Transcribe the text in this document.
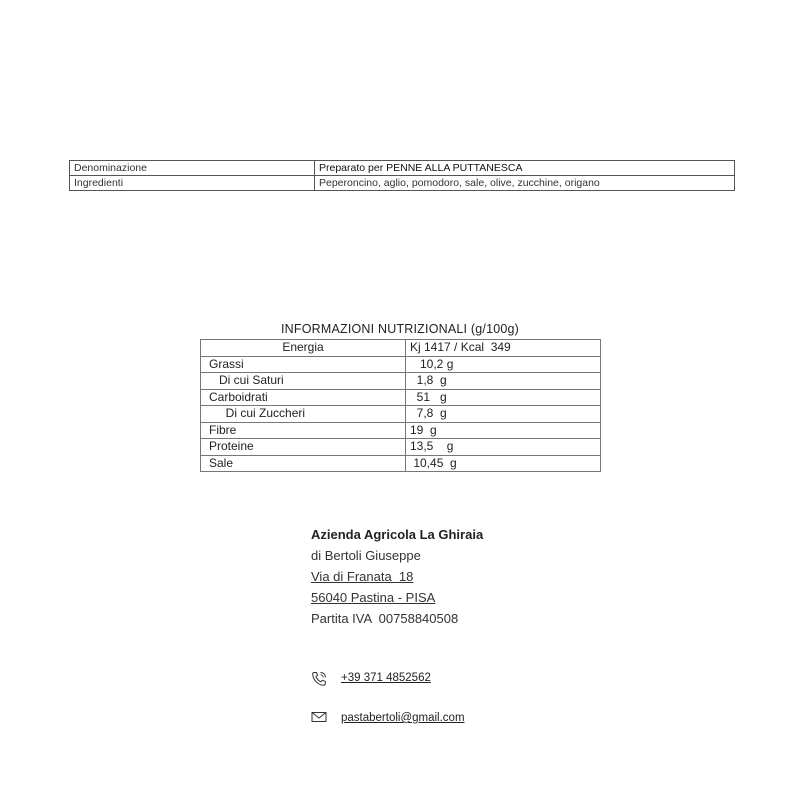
Denominazione	Preparato per PENNE ALLA PUTTANESCA
Ingredienti	Peperoncino, aglio, pomodoro, sale, olive, zucchine, origano
INFORMAZIONI NUTRIZIONALI (g/100g)
Energia	Kj 1417 / Kcal  349
Grassi	10,2 g
Di cui Saturi	1,8  g
Carboidrati	51   g
Di cui Zuccheri	7,8  g
Fibre	19  g
Proteine	13,5    g
Sale	10,45  g
Azienda Agricola La Ghiraia
di Bertoli Giuseppe
Via di Franata  18
56040 Pastina - PISA
Partita IVA  00758840508
+39 371 4852562
pastabertoli@gmail.com
